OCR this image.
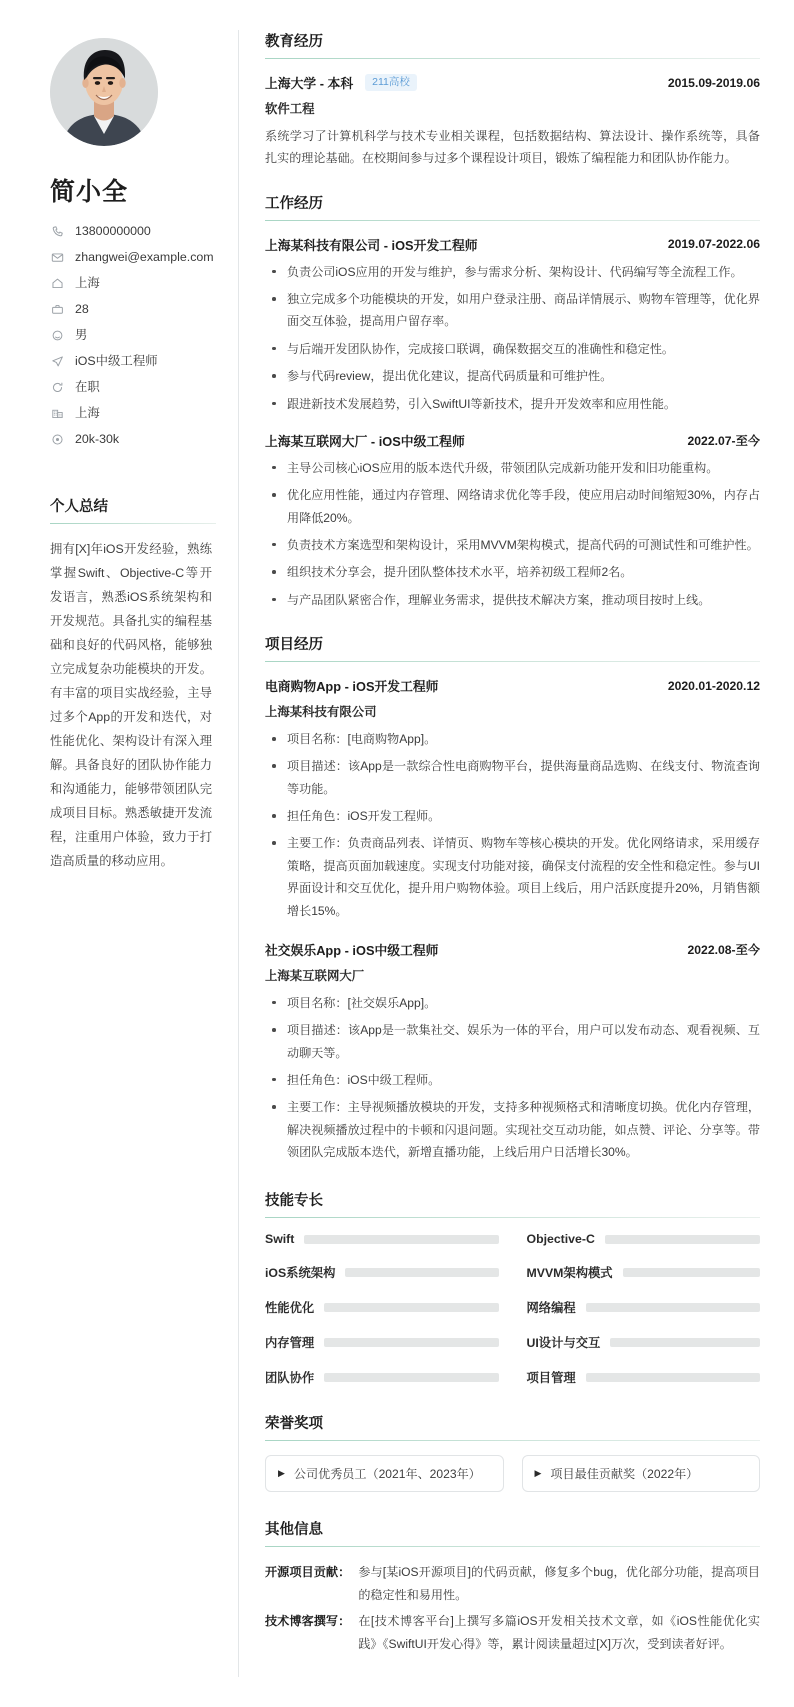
简小全
13800000000
zhangwei@example.com
上海
28
男
iOS中级工程师
在职
上海
20k-30k
个人总结

拥有[X]年iOS开发经验，熟练掌握Swift、Objective-C等开发语言，熟悉iOS系统架构和开发规范。具备扎实的编程基础和良好的代码风格，能够独立完成复杂功能模块的开发。有丰富的项目实战经验，主导过多个App的开发和迭代，对性能优化、架构设计有深入理解。具备良好的团队协作能力和沟通能力，能够带领团队完成项目目标。熟悉敏捷开发流程，注重用户体验，致力于打造高质量的移动应用。

教育经历
上海大学 - 本科	211高校	2015.09-2019.06
软件工程

系统学习了计算机科学与技术专业相关课程，包括数据结构、算法设计、操作系统等，具备扎实的理论基础。在校期间参与过多个课程设计项目，锻炼了编程能力和团队协作能力。

工作经历
上海某科技有限公司 - iOS开发工程师	2019.07-2022.06
负责公司iOS应用的开发与维护，参与需求分析、架构设计、代码编写等全流程工作。
独立完成多个功能模块的开发，如用户登录注册、商品详情展示、购物车管理等，优化界面交互体验，提高用户留存率。
与后端开发团队协作，完成接口联调，确保数据交互的准确性和稳定性。
参与代码review，提出优化建议，提高代码质量和可维护性。
跟进新技术发展趋势，引入SwiftUI等新技术，提升开发效率和应用性能。
上海某互联网大厂 - iOS中级工程师	2022.07-至今
主导公司核心iOS应用的版本迭代升级，带领团队完成新功能开发和旧功能重构。
优化应用性能，通过内存管理、网络请求优化等手段，使应用启动时间缩短30%，内存占用降低20%。
负责技术方案选型和架构设计，采用MVVM架构模式，提高代码的可测试性和可维护性。
组织技术分享会，提升团队整体技术水平，培养初级工程师2名。
与产品团队紧密合作，理解业务需求，提供技术解决方案，推动项目按时上线。
项目经历
电商购物App - iOS开发工程师	2020.01-2020.12
上海某科技有限公司
项目名称：[电商购物App]。
项目描述：该App是一款综合性电商购物平台，提供海量商品选购、在线支付、物流查询等功能。
担任角色：iOS开发工程师。
主要工作：负责商品列表、详情页、购物车等核心模块的开发。优化网络请求，采用缓存策略，提高页面加载速度。实现支付功能对接，确保支付流程的安全性和稳定性。参与UI界面设计和交互优化，提升用户购物体验。项目上线后，用户活跃度提升20%，月销售额增长15%。
社交娱乐App - iOS中级工程师	2022.08-至今
上海某互联网大厂
项目名称：[社交娱乐App]。
项目描述：该App是一款集社交、娱乐为一体的平台，用户可以发布动态、观看视频、互动聊天等。
担任角色：iOS中级工程师。
主要工作：主导视频播放模块的开发，支持多种视频格式和清晰度切换。优化内存管理，解决视频播放过程中的卡顿和闪退问题。实现社交互动功能，如点赞、评论、分享等。带领团队完成版本迭代，新增直播功能，上线后用户日活增长30%。
技能专长
Swift	Objective-C
iOS系统架构	MVVM架构模式
性能优化	网络编程
内存管理	UI设计与交互
团队协作	项目管理
荣誉奖项
▶ 公司优秀员工（2021年、2023年）	▶ 项目最佳贡献奖（2022年）
其他信息
开源项目贡献： 参与[某iOS开源项目]的代码贡献，修复多个bug，优化部分功能，提高项目的稳定性和易用性。
技术博客撰写： 在[技术博客平台]上撰写多篇iOS开发相关技术文章，如《iOS性能优化实践》《SwiftUI开发心得》等，累计阅读量超过[X]万次，受到读者好评。
